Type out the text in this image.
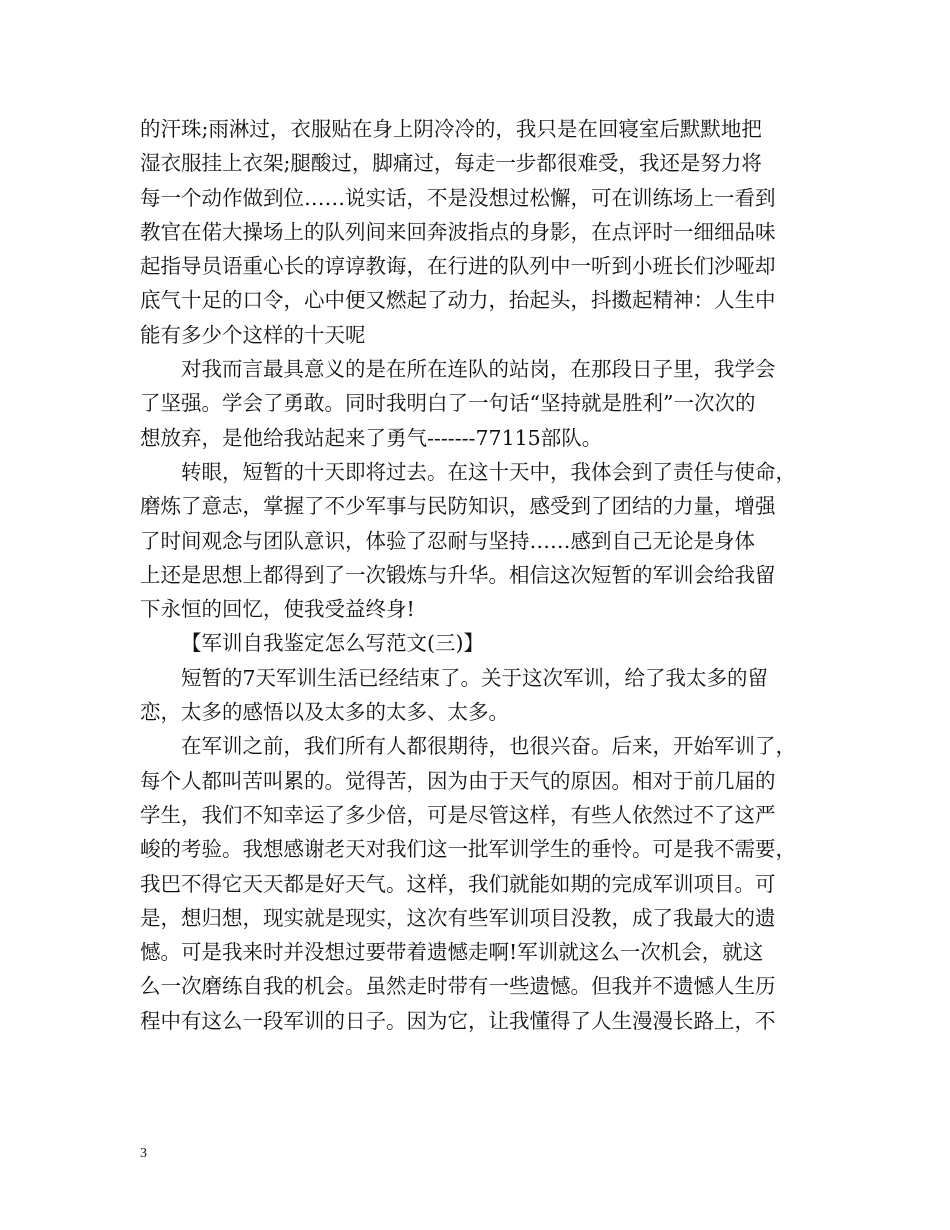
的汗珠;雨淋过，衣服贴在身上阴冷冷的，我只是在回寝室后默默地把
湿衣服挂上衣架;腿酸过，脚痛过，每走一步都很难受，我还是努力将
每一个动作做到位……说实话，不是没想过松懈，可在训练场上一看到
教官在偌大操场上的队列间来回奔波指点的身影，在点评时一细细品味
起指导员语重心长的谆谆教诲，在行进的队列中一听到小班长们沙哑却
底气十足的口令，心中便又燃起了动力，抬起头，抖擞起精神：人生中
能有多少个这样的十天呢

对我而言最具意义的是在所在连队的站岗，在那段日子里，我学会
了坚强。学会了勇敢。同时我明白了一句话“坚持就是胜利”一次次的
想放弃，是他给我站起来了勇气-------77115部队。

转眼，短暂的十天即将过去。在这十天中，我体会到了责任与使命，
磨炼了意志，掌握了不少军事与民防知识，感受到了团结的力量，增强
了时间观念与团队意识，体验了忍耐与坚持……感到自己无论是身体
上还是思想上都得到了一次锻炼与升华。相信这次短暂的军训会给我留
下永恒的回忆，使我受益终身!

【军训自我鉴定怎么写范文(三)】

短暂的7天军训生活已经结束了。关于这次军训，给了我太多的留
恋，太多的感悟以及太多的太多、太多。

在军训之前，我们所有人都很期待，也很兴奋。后来，开始军训了，
每个人都叫苦叫累的。觉得苦，因为由于天气的原因。相对于前几届的
学生，我们不知幸运了多少倍，可是尽管这样，有些人依然过不了这严
峻的考验。我想感谢老天对我们这一批军训学生的垂怜。可是我不需要，
我巴不得它天天都是好天气。这样，我们就能如期的完成军训项目。可
是，想归想，现实就是现实，这次有些军训项目没教，成了我最大的遗
憾。可是我来时并没想过要带着遗憾走啊!军训就这么一次机会，就这
么一次磨练自我的机会。虽然走时带有一些遗憾。但我并不遗憾人生历
程中有这么一段军训的日子。因为它，让我懂得了人生漫漫长路上，不

3
